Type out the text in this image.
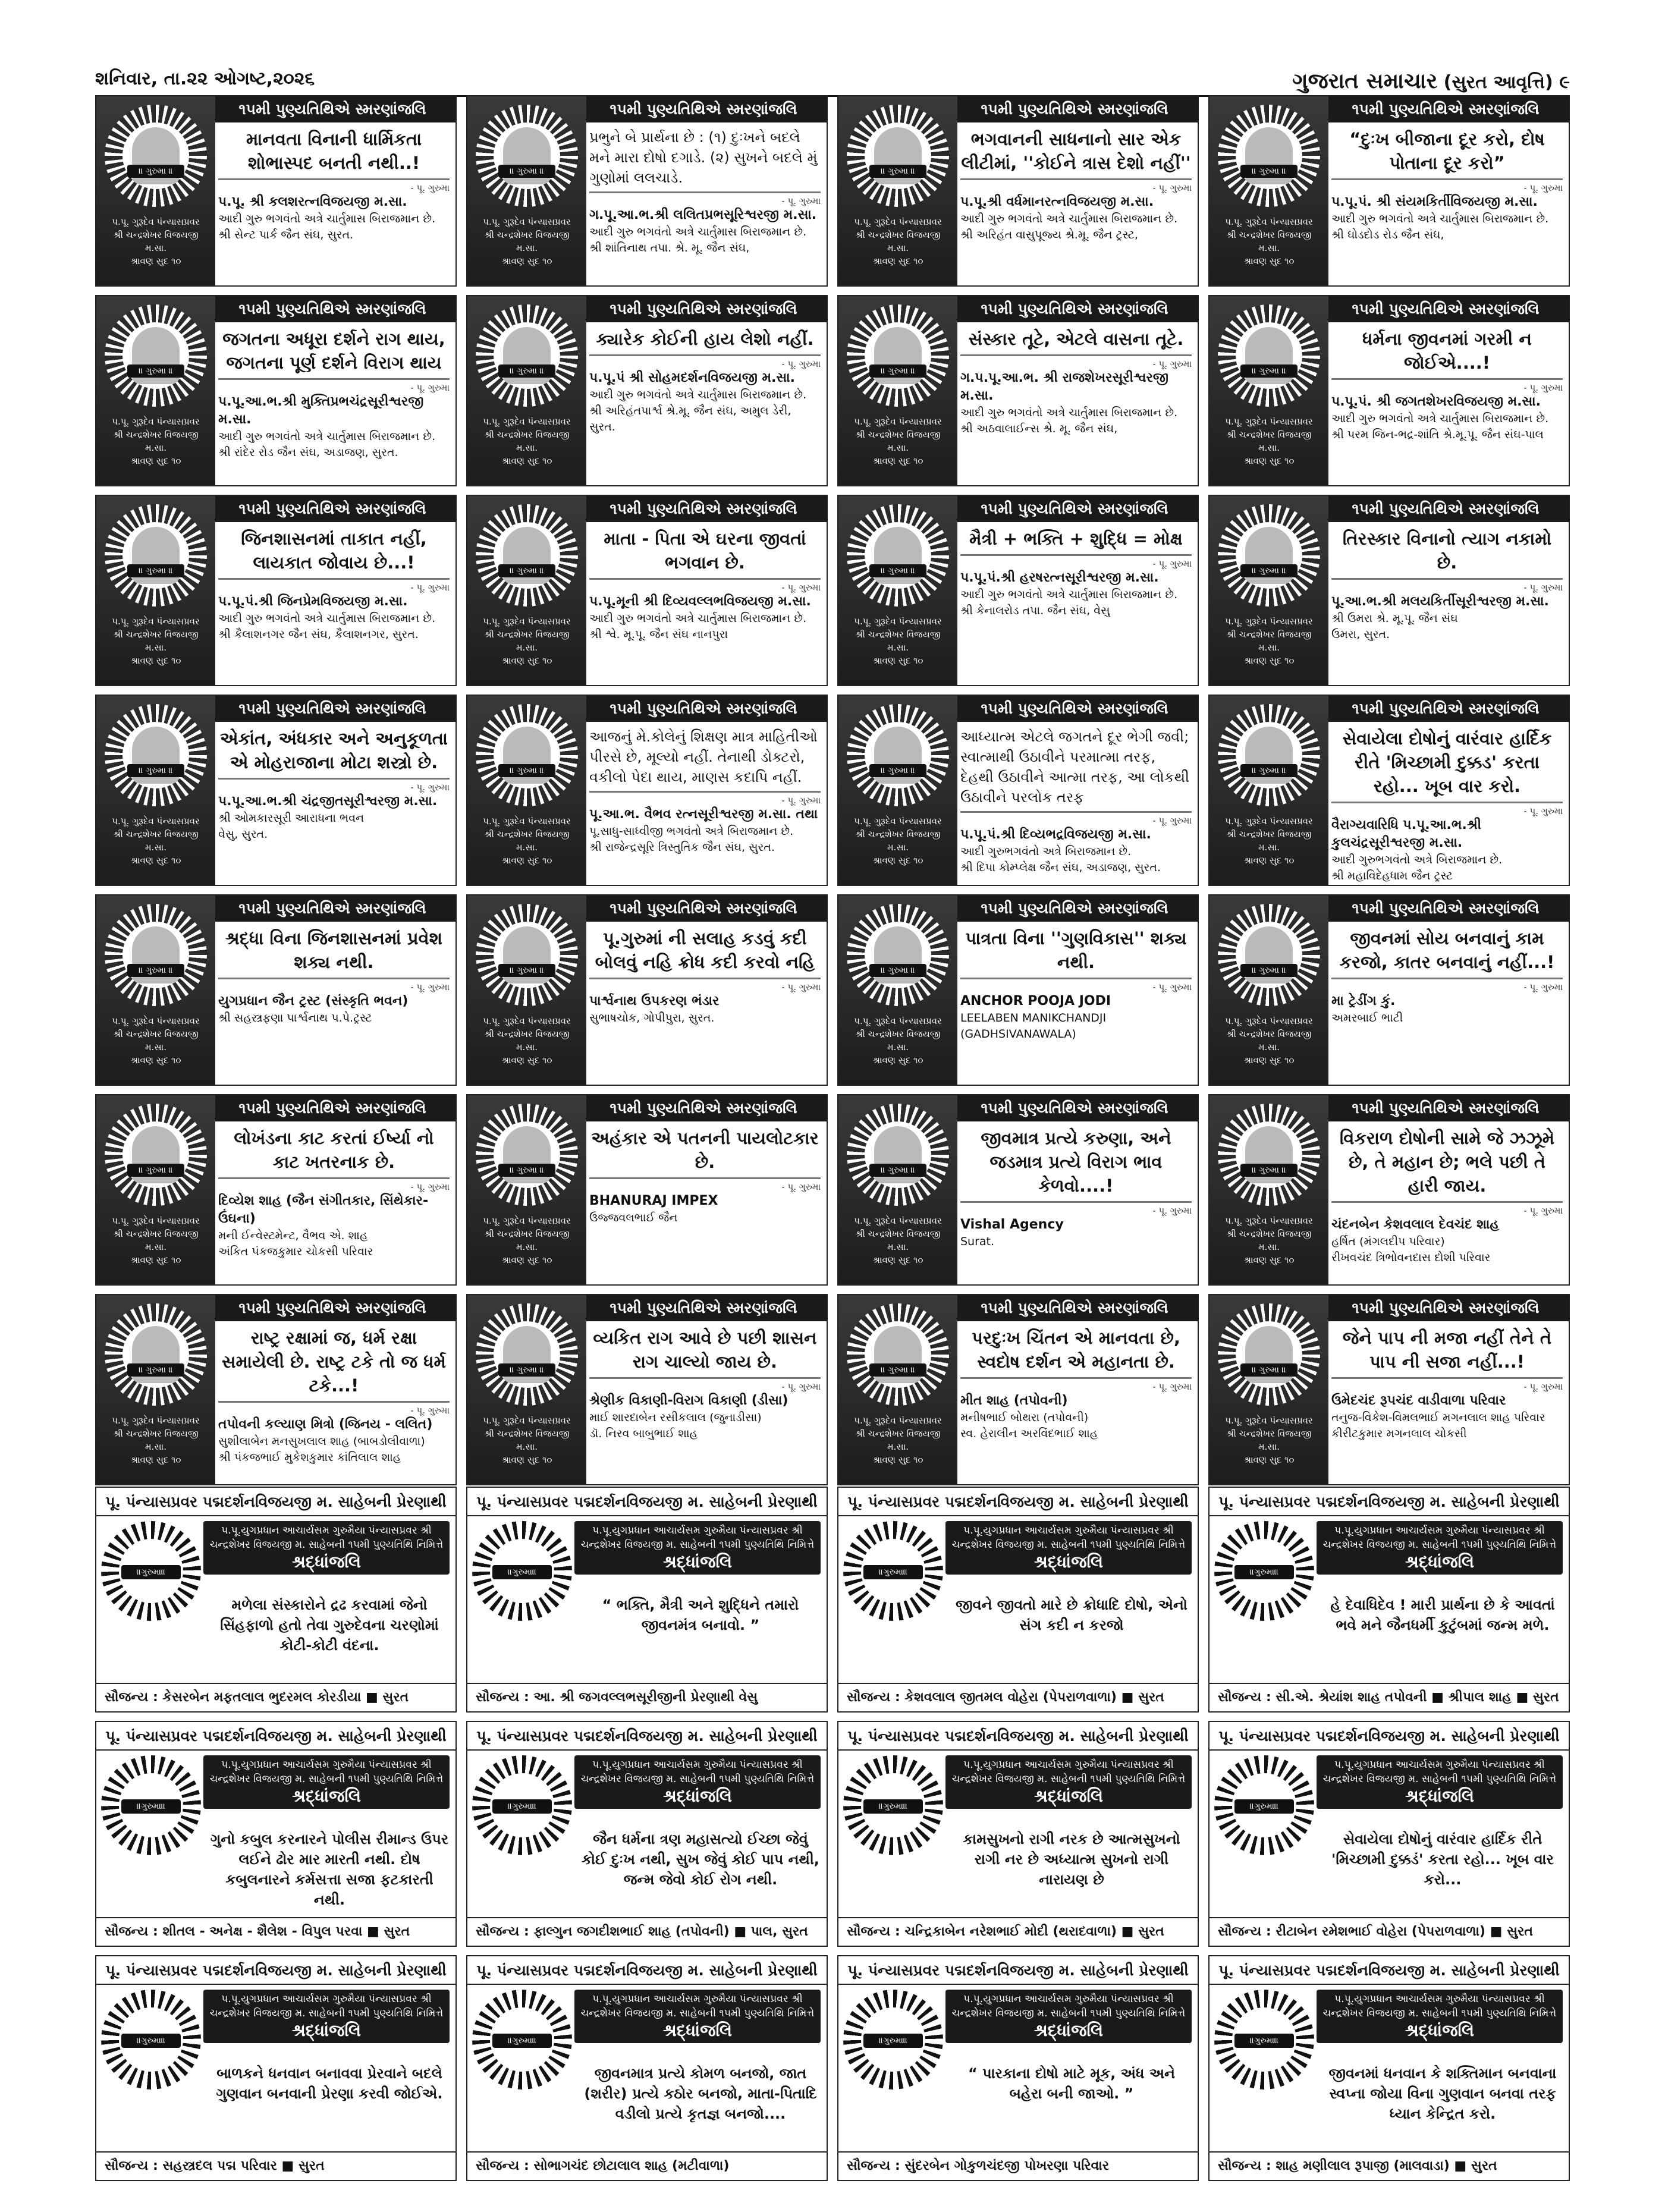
શનિવાર, તા.૨૨ ઓગષ્ટ,૨૦૨૬	ગુજરાત સમાચાર (સુરત આવૃત્તિ) ૯
॥ ગુરુમા ॥
પ.પૂ. ગુરૂદેવ પંન્યાસપ્રવર
શ્રી ચન્દ્રશેખર વિજયજી
મ.સા.
શ્રાવણ સુદ ૧૦
૧૫મી પુણ્યતિથિએ સ્મરણાંજલિ
માનવતા વિનાની ધાર્મિકતા શોભાસ્પદ બનતી નથી..!
- પૂ. ગુરુમા
પ.પૂ. શ્રી કલશરત્નવિજયજી મ.સા.
આદી ગુરુ ભગવંતો અત્રે ચાર્તુમાસ બિરાજમાન છે.
શ્રી સેન્ટ પાર્ક જૈન સંઘ, સુરત.
॥ ગુરુમા ॥
પ.પૂ. ગુરૂદેવ પંન્યાસપ્રવર
શ્રી ચન્દ્રશેખર વિજયજી
મ.સા.
શ્રાવણ સુદ ૧૦
૧૫મી પુણ્યતિથિએ સ્મરણાંજલિ
પ્રભુને બે પ્રાર્થના છે : (૧) દુઃખને બદલે મને મારા દોષો દગાડે. (૨) સુખને બદલે મું ગુણોમાં લલચાડે.
- પૂ. ગુરુમા
ગ.પૂ.આ.ભ.શ્રી લલિતપ્રભસૂરિશ્વરજી મ.સા.
આદી ગુરુ ભગવંતો અત્રે ચાર્તુમાસ બિરાજમાન છે.
શ્રી શાંતિનાથ તપા. શ્રે. મૂ. જૈન સંઘ,
॥ ગુરુમા ॥
પ.પૂ. ગુરૂદેવ પંન્યાસપ્રવર
શ્રી ચન્દ્રશેખર વિજયજી
મ.સા.
શ્રાવણ સુદ ૧૦
૧૫મી પુણ્યતિથિએ સ્મરણાંજલિ
ભગવાનની સાધનાનો સાર એક લીટીમાં, ''કોઈને ત્રાસ દેશો નહીં''
- પૂ. ગુરુમા
પ.પૂ.શ્રી વર્ધમાનરત્નવિજયજી મ.સા.
આદી ગુરુ ભગવંતો અત્રે ચાર્તુમાસ બિરાજમાન છે.
શ્રી અરિહંત વાસુપૂજ્ય શ્રે.મૂ. જૈન ટ્રસ્ટ,
॥ ગુરુમા ॥
પ.પૂ. ગુરૂદેવ પંન્યાસપ્રવર
શ્રી ચન્દ્રશેખર વિજયજી
મ.સા.
શ્રાવણ સુદ ૧૦
૧૫મી પુણ્યતિથિએ સ્મરણાંજલિ
“દુઃખ બીજાના દૂર કરો, દોષ પોતાના દૂર કરો”
- પૂ. ગુરુમા
પ.પૂ.પં. શ્રી સંયમકિર્તીવિજયજી મ.સા.
આદી ગુરુ ભગવંતો અત્રે ચાર્તુમાસ બિરાજમાન છે.
શ્રી ઘોડદોડ રોડ જૈન સંઘ,
॥ ગુરુમા ॥
પ.પૂ. ગુરૂદેવ પંન્યાસપ્રવર
શ્રી ચન્દ્રશેખર વિજયજી
મ.સા.
શ્રાવણ સુદ ૧૦
૧૫મી પુણ્યતિથિએ સ્મરણાંજલિ
જગતના અધૂરા દર્શને રાગ થાય, જગતના પૂર્ણ દર્શને વિરાગ થાય
- પૂ. ગુરુમા
પ.પૂ.આ.ભ.શ્રી મુક્તિપ્રભચંદ્રસૂરીશ્વરજી મ.સા.
આદી ગુરુ ભગવંતો અત્રે ચાર્તુમાસ બિરાજમાન છે.
શ્રી રાંદેર રોડ જૈન સંઘ, અડાજણ, સુરત.
॥ ગુરુમા ॥
પ.પૂ. ગુરૂદેવ પંન્યાસપ્રવર
શ્રી ચન્દ્રશેખર વિજયજી
મ.સા.
શ્રાવણ સુદ ૧૦
૧૫મી પુણ્યતિથિએ સ્મરણાંજલિ
ક્યારેક કોઈની હાય લેશો નહીં.
- પૂ. ગુરુમા
પ.પૂ.પં શ્રી સોહમદર્શનવિજયજી મ.સા.
આદી ગુરુ ભગવંતો અત્રે ચાર્તુમાસ બિરાજમાન છે.
શ્રી અરિહંતપાર્શ્વ શ્રે.મૂ. જૈન સંઘ, અમુલ ડેરી, સુરત.
॥ ગુરુમા ॥
પ.પૂ. ગુરૂદેવ પંન્યાસપ્રવર
શ્રી ચન્દ્રશેખર વિજયજી
મ.સા.
શ્રાવણ સુદ ૧૦
૧૫મી પુણ્યતિથિએ સ્મરણાંજલિ
સંસ્કાર તૂટે, એટલે વાસના તૂટે.
- પૂ. ગુરુમા
ગ.પ.પૂ.આ.ભ. શ્રી રાજશેખરસૂરીશ્વરજી મ.સા.
આદી ગુરુ ભગવંતો અત્રે ચાર્તુમાસ બિરાજમાન છે.
શ્રી અઠવાલાઈન્સ શ્રે. મૂ. જૈન સંઘ,
॥ ગુરુમા ॥
પ.પૂ. ગુરૂદેવ પંન્યાસપ્રવર
શ્રી ચન્દ્રશેખર વિજયજી
મ.સા.
શ્રાવણ સુદ ૧૦
૧૫મી પુણ્યતિથિએ સ્મરણાંજલિ
ધર્મના જીવનમાં ગરમી ન જોઈએ....!
- પૂ. ગુરુમા
પ.પૂ.પં. શ્રી જગતશેખરવિજયજી મ.સા.
આદી ગુરુ ભગવંતો અત્રે ચાર્તુમાસ બિરાજમાન છે.
શ્રી પરમ જિન-ભદ્ર-શાંતિ શ્રે.મૂ.પૂ. જૈન સંઘ-પાલ
॥ ગુરુમા ॥
પ.પૂ. ગુરૂદેવ પંન્યાસપ્રવર
શ્રી ચન્દ્રશેખર વિજયજી
મ.સા.
શ્રાવણ સુદ ૧૦
૧૫મી પુણ્યતિથિએ સ્મરણાંજલિ
જિનશાસનમાં તાકાત નહીં, લાયકાત જોવાય છે...!
- પૂ. ગુરુમા
પ.પૂ.પં.શ્રી જિનપ્રેમવિજયજી મ.સા.
આદી ગુરુ ભગવંતો અત્રે ચાર્તુમાસ બિરાજમાન છે.
શ્રી કૈલાશનગર જૈન સંઘ, કૈલાશનગર, સુરત.
॥ ગુરુમા ॥
પ.પૂ. ગુરૂદેવ પંન્યાસપ્રવર
શ્રી ચન્દ્રશેખર વિજયજી
મ.સા.
શ્રાવણ સુદ ૧૦
૧૫મી પુણ્યતિથિએ સ્મરણાંજલિ
માતા - પિતા એ ઘરના જીવતાં ભગવાન છે.
- પૂ. ગુરુમા
પ.પૂ.મૂની શ્રી દિવ્યવલ્લભવિજયજી મ.સા.
આદી ગુરુ ભગવંતો અત્રે ચાર્તુમાસ બિરાજમાન છે.
શ્રી શ્વે. મૂ.પૂ. જૈન સંઘ નાનપુરા
॥ ગુરુમા ॥
પ.પૂ. ગુરૂદેવ પંન્યાસપ્રવર
શ્રી ચન્દ્રશેખર વિજયજી
મ.સા.
શ્રાવણ સુદ ૧૦
૧૫મી પુણ્યતિથિએ સ્મરણાંજલિ
મૈત્રી + ભક્તિ + શુદ્ધિ = મોક્ષ
- પૂ. ગુરુમા
પ.પૂ.પં.શ્રી હરષરત્નસૂરીશ્વરજી મ.સા.
આદી ગુરુ ભગવંતો અત્રે ચાર્તુમાસ બિરાજમાન છે.
શ્રી કેનાલરોડ તપા. જૈન સંઘ, વેસુ
॥ ગુરુમા ॥
પ.પૂ. ગુરૂદેવ પંન્યાસપ્રવર
શ્રી ચન્દ્રશેખર વિજયજી
મ.સા.
શ્રાવણ સુદ ૧૦
૧૫મી પુણ્યતિથિએ સ્મરણાંજલિ
તિરસ્કાર વિનાનો ત્યાગ નકામો છે.
- પૂ. ગુરુમા
પૂ.આ.ભ.શ્રી મલયકિર્તીસૂરીશ્વરજી મ.સા.
શ્રી ઉમરા શ્રે. મૂ.પૂ. જૈન સંઘ
ઉમરા, સુરત.
॥ ગુરુમા ॥
પ.પૂ. ગુરૂદેવ પંન્યાસપ્રવર
શ્રી ચન્દ્રશેખર વિજયજી
મ.સા.
શ્રાવણ સુદ ૧૦
૧૫મી પુણ્યતિથિએ સ્મરણાંજલિ
એકાંત, અંધકાર અને અનુકૂળતા એ મોહરાજાના મોટા શસ્ત્રો છે.
- પૂ. ગુરુમા
પ.પૂ.આ.ભ.શ્રી ચંદ્રજીતસૂરીશ્વરજી મ.સા.
શ્રી ઓમકારસૂરી આરાધના ભવન
વેસુ, સુરત.
॥ ગુરુમા ॥
પ.પૂ. ગુરૂદેવ પંન્યાસપ્રવર
શ્રી ચન્દ્રશેખર વિજયજી
મ.સા.
શ્રાવણ સુદ ૧૦
૧૫મી પુણ્યતિથિએ સ્મરણાંજલિ
આજનું મે.કોલેનું શિક્ષણ માત્ર માહિતીઓ પીરસે છે, મૂલ્યો નહીં. તેનાથી ડોક્ટરો, વકીલો પેદા થાય, માણસ કદાપિ નહીં.
- પૂ. ગુરુમા
પૂ.આ.ભ. વૈભવ રત્નસૂરીશ્વરજી મ.સા. તથા
પૂ.સાધુ-સાધ્વીજી ભગવંતો અત્રે બિરાજમાન છે.
શ્રી રાજેન્દ્રસૂરિ ત્રિસ્તુતિક જૈન સંઘ, સુરત.
॥ ગુરુમા ॥
પ.પૂ. ગુરૂદેવ પંન્યાસપ્રવર
શ્રી ચન્દ્રશેખર વિજયજી
મ.સા.
શ્રાવણ સુદ ૧૦
૧૫મી પુણ્યતિથિએ સ્મરણાંજલિ
આધ્યાત્મ એટલે જગતને દૂર ભેગી જવી; સ્વાત્માથી ઉઠાવીને પરમાત્મા તરફ, દેહથી ઉઠાવીને આત્મા તરફ, આ લોકથી ઉઠાવીને પરલોક તરફ
- પૂ. ગુરુમા
પ.પૂ.પં.શ્રી દિવ્યભદ્રવિજયજી મ.સા.
આદી ગુરુભગવંતો અત્રે બિરાજમાન છે.
શ્રી દિપા કોમ્પ્લેક્ષ જૈન સંઘ, અડાજણ, સુરત.
॥ ગુરુમા ॥
પ.પૂ. ગુરૂદેવ પંન્યાસપ્રવર
શ્રી ચન્દ્રશેખર વિજયજી
મ.સા.
શ્રાવણ સુદ ૧૦
૧૫મી પુણ્યતિથિએ સ્મરણાંજલિ
સેવાયેલા દોષોનું વારંવાર હાર્દિક રીતે 'મિચ્છામી દુક્કડ' કરતા રહો... ખૂબ વાર કરો.
- પૂ. ગુરુમા
વૈરાગ્યવારિધિ પ.પૂ.આ.ભ.શ્રી કુલચંદ્રસૂરીશ્વરજી મ.સા.
આદી ગુરુભગવંતો અત્રે બિરાજમાન છે.
શ્રી મહાવિદેહધામ જૈન ટ્રસ્ટ
॥ ગુરુમા ॥
પ.પૂ. ગુરૂદેવ પંન્યાસપ્રવર
શ્રી ચન્દ્રશેખર વિજયજી
મ.સા.
શ્રાવણ સુદ ૧૦
૧૫મી પુણ્યતિથિએ સ્મરણાંજલિ
શ્રદ્ધા વિના જિનશાસનમાં પ્રવેશ શક્ય નથી.
- પૂ. ગુરુમા
યુગપ્રધાન જૈન ટ્રસ્ટ (સંસ્કૃતિ ભવન)
શ્રી સહસ્ત્રફણા પાર્શ્વનાથ પ.પે.ટ્રસ્ટ
॥ ગુરુમા ॥
પ.પૂ. ગુરૂદેવ પંન્યાસપ્રવર
શ્રી ચન્દ્રશેખર વિજયજી
મ.સા.
શ્રાવણ સુદ ૧૦
૧૫મી પુણ્યતિથિએ સ્મરણાંજલિ
પૂ.ગુરુમાં ની સલાહ કડવું કદી બોલવું નહિ ક્રોધ કદી કરવો નહિ
- પૂ. ગુરુમા
પાર્શ્વનાથ ઉપકરણ ભંડાર
સુભાષચોક, ગોપીપુરા, સુરત.
॥ ગુરુમા ॥
પ.પૂ. ગુરૂદેવ પંન્યાસપ્રવર
શ્રી ચન્દ્રશેખર વિજયજી
મ.સા.
શ્રાવણ સુદ ૧૦
૧૫મી પુણ્યતિથિએ સ્મરણાંજલિ
પાત્રતા વિના ''ગુણવિકાસ'' શક્ય નથી.
- પૂ. ગુરુમા
ANCHOR POOJA JODI
LEELABEN MANIKCHANDJI
(GADHSIVANAWALA)
॥ ગુરુમા ॥
પ.પૂ. ગુરૂદેવ પંન્યાસપ્રવર
શ્રી ચન્દ્રશેખર વિજયજી
મ.સા.
શ્રાવણ સુદ ૧૦
૧૫મી પુણ્યતિથિએ સ્મરણાંજલિ
જીવનમાં સોય બનવાનું કામ કરજો, કાતર બનવાનું નહીં...!
- પૂ. ગુરુમા
મા ટ્રેડીંગ કું.
અમરબાઈ ભાટી
॥ ગુરુમા ॥
પ.પૂ. ગુરૂદેવ પંન્યાસપ્રવર
શ્રી ચન્દ્રશેખર વિજયજી
મ.સા.
શ્રાવણ સુદ ૧૦
૧૫મી પુણ્યતિથિએ સ્મરણાંજલિ
લોખંડના કાટ કરતાં ઈર્ષ્યા નો કાટ ખતરનાક છે.
- પૂ. ગુરુમા
દિવ્યેશ શાહ (જૈન સંગીતકાર, સિંથેકાર-ઉંઘના)
મની ઈન્વેસ્ટમેન્ટ, વૈભવ એ. શાહ
અંકિત પંકજકુમાર ચોકસી પરિવાર
॥ ગુરુમા ॥
પ.પૂ. ગુરૂદેવ પંન્યાસપ્રવર
શ્રી ચન્દ્રશેખર વિજયજી
મ.સા.
શ્રાવણ સુદ ૧૦
૧૫મી પુણ્યતિથિએ સ્મરણાંજલિ
અહંકાર એ પતનની પાયલોટકાર છે.
- પૂ. ગુરુમા
BHANURAJ IMPEX
ઉજ્જવલભાઈ જૈન
॥ ગુરુમા ॥
પ.પૂ. ગુરૂદેવ પંન્યાસપ્રવર
શ્રી ચન્દ્રશેખર વિજયજી
મ.સા.
શ્રાવણ સુદ ૧૦
૧૫મી પુણ્યતિથિએ સ્મરણાંજલિ
જીવમાત્ર પ્રત્યે કરુણા, અને જડમાત્ર પ્રત્યે વિરાગ ભાવ કેળવો....!
- પૂ. ગુરુમા
Vishal Agency
Surat.
॥ ગુરુમા ॥
પ.પૂ. ગુરૂદેવ પંન્યાસપ્રવર
શ્રી ચન્દ્રશેખર વિજયજી
મ.સા.
શ્રાવણ સુદ ૧૦
૧૫મી પુણ્યતિથિએ સ્મરણાંજલિ
વિકરાળ દોષોની સામે જે ઝઝૂમે છે, તે મહાન છે; ભલે પછી તે હારી જાય.
- પૂ. ગુરુમા
ચંદનબેન કેશવલાલ દેવચંદ શાહ
હર્ષિત (મંગલદીપ પરિવાર)
રીખવચંદ ત્રિભોવનદાસ દોશી પરિવાર
॥ ગુરુમા ॥
પ.પૂ. ગુરૂદેવ પંન્યાસપ્રવર
શ્રી ચન્દ્રશેખર વિજયજી
મ.સા.
શ્રાવણ સુદ ૧૦
૧૫મી પુણ્યતિથિએ સ્મરણાંજલિ
રાષ્ટ્ર રક્ષામાં જ, ધર્મ રક્ષા સમાયેલી છે. રાષ્ટ્ર ટકે તો જ ધર્મ ટકે...!
- પૂ. ગુરુમા
તપોવની કલ્યાણ મિત્રો (જિનય - લલિત)
સુશીલાબેન મનસુખલાલ શાહ (બાબડોલીવાળા)
શ્રી પંકજભાઈ મુકેશકુમાર કાંતિલાલ શાહ
॥ ગુરુમા ॥
પ.પૂ. ગુરૂદેવ પંન્યાસપ્રવર
શ્રી ચન્દ્રશેખર વિજયજી
મ.સા.
શ્રાવણ સુદ ૧૦
૧૫મી પુણ્યતિથિએ સ્મરણાંજલિ
વ્યકિત રાગ આવે છે પછી શાસન રાગ ચાલ્યો જાય છે.
- પૂ. ગુરુમા
શ્રેણીક વિકાણી-વિરાગ વિકાણી (ડીસા)
માઈ શારદાબેન રસીકલાલ (જુનાડીસા)
ડૉ. નિરવ બાબુભાઈ શાહ
॥ ગુરુમા ॥
પ.પૂ. ગુરૂદેવ પંન્યાસપ્રવર
શ્રી ચન્દ્રશેખર વિજયજી
મ.સા.
શ્રાવણ સુદ ૧૦
૧૫મી પુણ્યતિથિએ સ્મરણાંજલિ
પરદુઃખ ચિંતન એ માનવતા છે, સ્વદોષ દર્શન એ મહાનતા છે.
- પૂ. ગુરુમા
મીત શાહ (તપોવની)
મનીષભાઈ બોથરા (તપોવની)
સ્વ. હેરાલીન અરવિંદભાઈ શાહ
॥ ગુરુમા ॥
પ.પૂ. ગુરૂદેવ પંન્યાસપ્રવર
શ્રી ચન્દ્રશેખર વિજયજી
મ.સા.
શ્રાવણ સુદ ૧૦
૧૫મી પુણ્યતિથિએ સ્મરણાંજલિ
જેને પાપ ની મજા નહીં તેને તે પાપ ની સજા નહીં...!
- પૂ. ગુરુમા
ઉમેદચંદ રૂપચંદ વાડીવાળા પરિવાર
તનુજ-વિકેશ-વિમલભાઈ મગનલાલ શાહ પરિવાર
કીરીટકુમાર મગનલાલ ચોકસી
પૂ. પંન્યાસપ્રવર પદ્મદર્શનવિજયજી મ. સાહેબની પ્રેરણાથી
॥ગુરુમા॥
પ.પૂ.યુગપ્રધાન આચાર્યસમ ગુરુમૈયા પંન્યાસપ્રવર શ્રી ચન્દ્રશેખર વિજયજી મ. સાહેબની ૧૫મી પુણ્યતિથિ નિમિત્તે
શ્રદ્ધાંજલિ
મળેલા સંસ્કારોને દ્રઢ કરવામાં જેનો સિંહફાળો હતો તેવા ગુરુદેવના ચરણોમાં કોટી-કોટી વંદના.
સૌજન્ય : કેસરબેન મફતલાલ ભુદરમલ કોરડીયા ■ સુરત
પૂ. પંન્યાસપ્રવર પદ્મદર્શનવિજયજી મ. સાહેબની પ્રેરણાથી
॥ગુરુમા॥
પ.પૂ.યુગપ્રધાન આચાર્યસમ ગુરુમૈયા પંન્યાસપ્રવર શ્રી ચન્દ્રશેખર વિજયજી મ. સાહેબની ૧૫મી પુણ્યતિથિ નિમિત્તે
શ્રદ્ધાંજલિ
“ ભક્તિ, મૈત્રી અને શુદ્ધિને તમારો જીવનમંત્ર બનાવો. ”
સૌજન્ય : આ. શ્રી જગવલ્લભસૂરીજીની પ્રેરણાથી વેસુ
પૂ. પંન્યાસપ્રવર પદ્મદર્શનવિજયજી મ. સાહેબની પ્રેરણાથી
॥ગુરુમા॥
પ.પૂ.યુગપ્રધાન આચાર્યસમ ગુરુમૈયા પંન્યાસપ્રવર શ્રી ચન્દ્રશેખર વિજયજી મ. સાહેબની ૧૫મી પુણ્યતિથિ નિમિત્તે
શ્રદ્ધાંજલિ
જીવને જીવતો મારે છે ક્રોધાદિ દોષો, એનો સંગ કદી ન કરજો
સૌજન્ય : કેશવલાલ જીતમલ વોહેરા (પેપરાળવાળા) ■ સુરત
પૂ. પંન્યાસપ્રવર પદ્મદર્શનવિજયજી મ. સાહેબની પ્રેરણાથી
॥ગુરુમા॥
પ.પૂ.યુગપ્રધાન આચાર્યસમ ગુરુમૈયા પંન્યાસપ્રવર શ્રી ચન્દ્રશેખર વિજયજી મ. સાહેબની ૧૫મી પુણ્યતિથિ નિમિત્તે
શ્રદ્ધાંજલિ
હે દેવાધિદેવ ! મારી પ્રાર્થના છે કે આવતાં ભવે મને જૈનધર્મી કુટુંબમાં જન્મ મળે.
સૌજન્ય : સી.એ. શ્રેયાંશ શાહ તપોવની ■ શ્રીપાલ શાહ ■ સુરત
પૂ. પંન્યાસપ્રવર પદ્મદર્શનવિજયજી મ. સાહેબની પ્રેરણાથી
॥ગુરુમા॥
પ.પૂ.યુગપ્રધાન આચાર્યસમ ગુરુમૈયા પંન્યાસપ્રવર શ્રી ચન્દ્રશેખર વિજયજી મ. સાહેબની ૧૫મી પુણ્યતિથિ નિમિત્તે
શ્રદ્ધાંજલિ
ગુનો કબુલ કરનારને પોલીસ રીમાન્ડ ઉપર લઈને ઢોર માર મારતી નથી. દોષ કબુલનારને કર્મસત્તા સજા ફટકારતી નથી.
સૌજન્ય : શીતલ - અનેક્ષ - શૈલેશ - વિપુલ પરવા ■ સુરત
પૂ. પંન્યાસપ્રવર પદ્મદર્શનવિજયજી મ. સાહેબની પ્રેરણાથી
॥ગુરુમા॥
પ.પૂ.યુગપ્રધાન આચાર્યસમ ગુરુમૈયા પંન્યાસપ્રવર શ્રી ચન્દ્રશેખર વિજયજી મ. સાહેબની ૧૫મી પુણ્યતિથિ નિમિત્તે
શ્રદ્ધાંજલિ
જૈન ધર્મના ત્રણ મહાસત્યો ઈચ્છા જેવું કોઈ દુઃખ નથી, સુખ જેવું કોઈ પાપ નથી, જન્મ જેવો કોઈ રોગ નથી.
સૌજન્ય : ફાલ્ગુન જગદીશભાઈ શાહ (તપોવની) ■ પાલ, સુરત
પૂ. પંન્યાસપ્રવર પદ્મદર્શનવિજયજી મ. સાહેબની પ્રેરણાથી
॥ગુરુમા॥
પ.પૂ.યુગપ્રધાન આચાર્યસમ ગુરુમૈયા પંન્યાસપ્રવર શ્રી ચન્દ્રશેખર વિજયજી મ. સાહેબની ૧૫મી પુણ્યતિથિ નિમિત્તે
શ્રદ્ધાંજલિ
કામસુખનો રાગી નરક છે આત્મસુખનો રાગી નર છે અધ્યાત્મ સુખનો રાગી નારાયણ છે
સૌજન્ય : ચન્દ્રિકાબેન નરેશભાઈ મોદી (થરાદવાળા) ■ સુરત
પૂ. પંન્યાસપ્રવર પદ્મદર્શનવિજયજી મ. સાહેબની પ્રેરણાથી
॥ગુરુમા॥
પ.પૂ.યુગપ્રધાન આચાર્યસમ ગુરુમૈયા પંન્યાસપ્રવર શ્રી ચન્દ્રશેખર વિજયજી મ. સાહેબની ૧૫મી પુણ્યતિથિ નિમિત્તે
શ્રદ્ધાંજલિ
સેવાયેલા દોષોનું વારંવાર હાર્દિક રીતે 'મિચ્છામી દુક્કડં' કરતા રહો... ખૂબ વાર કરો...
સૌજન્ય : રીટાબેન રમેશભાઈ વોહેરા (પેપરાળવાળા) ■ સુરત
પૂ. પંન્યાસપ્રવર પદ્મદર્શનવિજયજી મ. સાહેબની પ્રેરણાથી
॥ગુરુમા॥
પ.પૂ.યુગપ્રધાન આચાર્યસમ ગુરુમૈયા પંન્યાસપ્રવર શ્રી ચન્દ્રશેખર વિજયજી મ. સાહેબની ૧૫મી પુણ્યતિથિ નિમિત્તે
શ્રદ્ધાંજલિ
બાળકને ધનવાન બનાવવા પ્રેરવાને બદલે ગુણવાન બનવાની પ્રેરણા કરવી જોઈએ.
સૌજન્ય : સહસ્ત્રદલ પદ્મ પરિવાર ■ સુરત
પૂ. પંન્યાસપ્રવર પદ્મદર્શનવિજયજી મ. સાહેબની પ્રેરણાથી
॥ગુરુમા॥
પ.પૂ.યુગપ્રધાન આચાર્યસમ ગુરુમૈયા પંન્યાસપ્રવર શ્રી ચન્દ્રશેખર વિજયજી મ. સાહેબની ૧૫મી પુણ્યતિથિ નિમિત્તે
શ્રદ્ધાંજલિ
જીવનમાત્ર પ્રત્યે કોમળ બનજો, જાત (શરીર) પ્રત્યે કઠોર બનજો, માતા-પિતાદિ વડીલો પ્રત્યે કૃતજ્ઞ બનજો....
સૌજન્ય : સોભાગચંદ છોટાલાલ શાહ (મટીવાળા)
પૂ. પંન્યાસપ્રવર પદ્મદર્શનવિજયજી મ. સાહેબની પ્રેરણાથી
॥ગુરુમા॥
પ.પૂ.યુગપ્રધાન આચાર્યસમ ગુરુમૈયા પંન્યાસપ્રવર શ્રી ચન્દ્રશેખર વિજયજી મ. સાહેબની ૧૫મી પુણ્યતિથિ નિમિત્તે
શ્રદ્ધાંજલિ
“ પારકાના દોષો માટે મૂક, અંધ અને બહેરા બની જાઓ. ”
સૌજન્ય : સુંદરબેન ગોકુળચંદજી પોખરણા પરિવાર
પૂ. પંન્યાસપ્રવર પદ્મદર્શનવિજયજી મ. સાહેબની પ્રેરણાથી
॥ગુરુમા॥
પ.પૂ.યુગપ્રધાન આચાર્યસમ ગુરુમૈયા પંન્યાસપ્રવર શ્રી ચન્દ્રશેખર વિજયજી મ. સાહેબની ૧૫મી પુણ્યતિથિ નિમિત્તે
શ્રદ્ધાંજલિ
જીવનમાં ધનવાન કે શક્તિમાન બનવાના સ્વપ્ના જોયા વિના ગુણવાન બનવા તરફ ધ્યાન કેન્દ્રિત કરો.
સૌજન્ય : શાહ મણીલાલ રૂપાજી (માલવાડા) ■ સુરત
